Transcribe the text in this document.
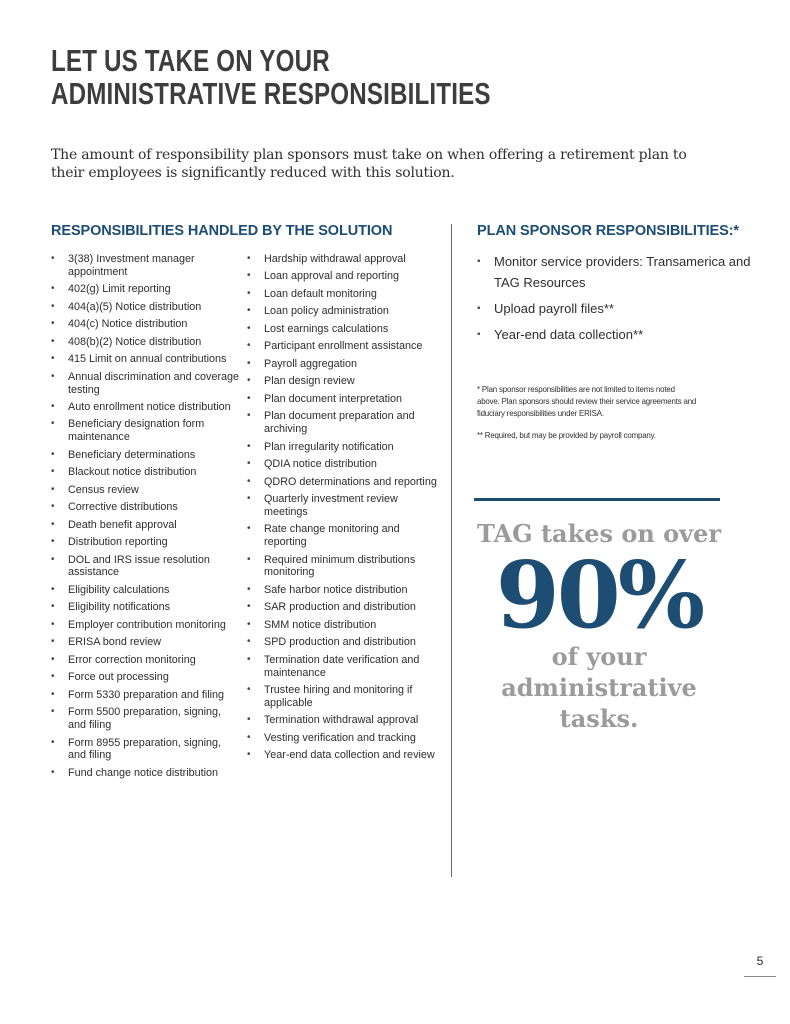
LET US TAKE ON YOUR
ADMINISTRATIVE RESPONSIBILITIES

The amount of responsibility plan sponsors must take on when offering a retirement plan to their employees is significantly reduced with this solution.

RESPONSIBILITIES HANDLED BY THE SOLUTION	PLAN SPONSOR RESPONSIBILITIES:*
• 3(38) Investment manager appointment
• 402(g) Limit reporting
• 404(a)(5) Notice distribution
• 404(c) Notice distribution
• 408(b)(2) Notice distribution
• 415 Limit on annual contributions
• Annual discrimination and coverage testing
• Auto enrollment notice distribution
• Beneficiary designation form maintenance
• Beneficiary determinations
• Blackout notice distribution
• Census review
• Corrective distributions
• Death benefit approval
• Distribution reporting
• DOL and IRS issue resolution assistance
• Eligibility calculations
• Eligibility notifications
• Employer contribution monitoring
• ERISA bond review
• Error correction monitoring
• Force out processing
• Form 5330 preparation and filing
• Form 5500 preparation, signing, and filing
• Form 8955 preparation, signing, and filing
• Fund change notice distribution
• Hardship withdrawal approval
• Loan approval and reporting
• Loan default monitoring
• Loan policy administration
• Lost earnings calculations
• Participant enrollment assistance
• Payroll aggregation
• Plan design review
• Plan document interpretation
• Plan document preparation and archiving
• Plan irregularity notification
• QDIA notice distribution
• QDRO determinations and reporting
• Quarterly investment review meetings
• Rate change monitoring and reporting
• Required minimum distributions monitoring
• Safe harbor notice distribution
• SAR production and distribution
• SMM notice distribution
• SPD production and distribution
• Termination date verification and maintenance
• Trustee hiring and monitoring if applicable
• Termination withdrawal approval
• Vesting verification and tracking
• Year-end data collection and review
▪ Monitor service providers: Transamerica and TAG Resources
▪ Upload payroll files**
▪ Year-end data collection**

* Plan sponsor responsibilities are not limited to items noted above. Plan sponsors should review their service agreements and fiduciary responsibilities under ERISA.

** Required, but may be provided by payroll company.

TAG takes on over
90%
of your administrative tasks.
5
